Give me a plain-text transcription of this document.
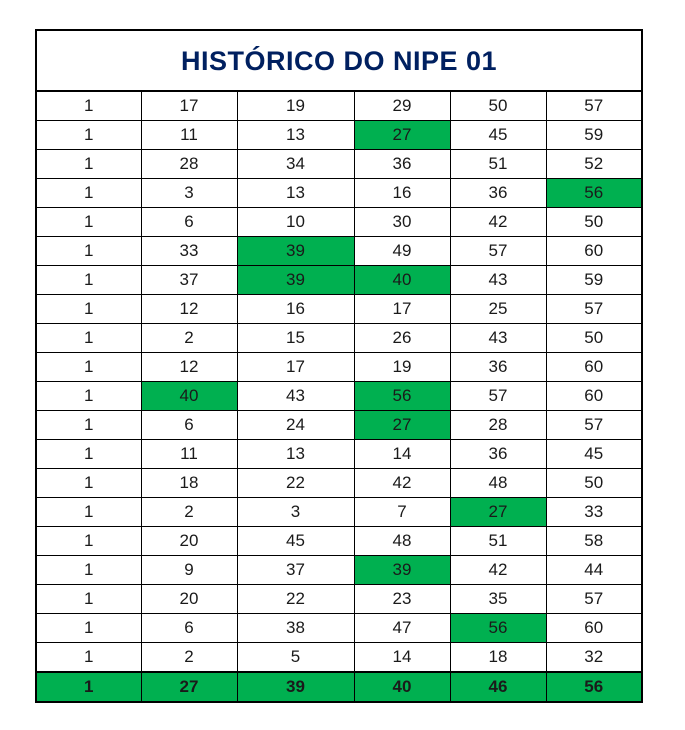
HISTÓRICO DO NIPE 01					
1	17	19	29	50	57
1	11	13	27	45	59
1	28	34	36	51	52
1	3	13	16	36	56
1	6	10	30	42	50
1	33	39	49	57	60
1	37	39	40	43	59
1	12	16	17	25	57
1	2	15	26	43	50
1	12	17	19	36	60
1	40	43	56	57	60
1	6	24	27	28	57
1	11	13	14	36	45
1	18	22	42	48	50
1	2	3	7	27	33
1	20	45	48	51	58
1	9	37	39	42	44
1	20	22	23	35	57
1	6	38	47	56	60
1	2	5	14	18	32
1	27	39	40	46	56
